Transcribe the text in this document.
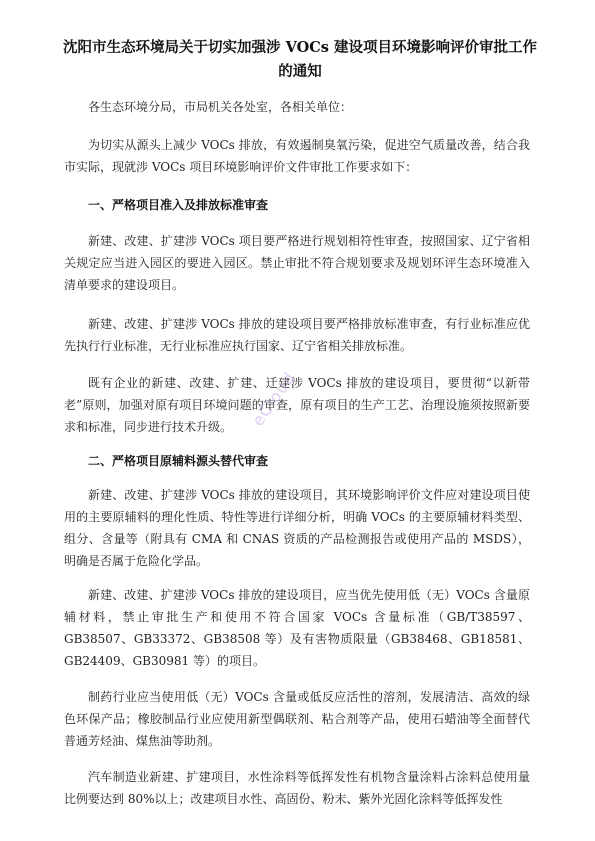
沈阳市生态环境局关于切实加强涉 VOCs 建设项目环境影响评价审批工作的通知

各生态环境分局，市局机关各处室，各相关单位：

为切实从源头上减少 VOCs 排放，有效遏制臭氧污染，促进空气质量改善，结合我市实际，现就涉 VOCs 项目环境影响评价文件审批工作要求如下：

一、严格项目准入及排放标准审查

新建、改建、扩建涉 VOCs 项目要严格进行规划相符性审查，按照国家、辽宁省相关规定应当进入园区的要进入园区。禁止审批不符合规划要求及规划环评生态环境准入清单要求的建设项目。

新建、改建、扩建涉 VOCs 排放的建设项目要严格排放标准审查，有行业标准应优先执行行业标准，无行业标准应执行国家、辽宁省相关排放标准。

既有企业的新建、改建、扩建、迁建涉 VOCs 排放的建设项目，要贯彻“以新带老”原则，加强对原有项目环境问题的审查，原有项目的生产工艺、治理设施须按照新要求和标准，同步进行技术升级。

二、严格项目原辅料源头替代审查

新建、改建、扩建涉 VOCs 排放的建设项目，其环境影响评价文件应对建设项目使用的主要原辅料的理化性质、特性等进行详细分析，明确 VOCs 的主要原辅材料类型、组分、含量等（附具有 CMA 和 CNAS 资质的产品检测报告或使用产品的 MSDS），明确是否属于危险化学品。

新建、改建、扩建涉 VOCs 排放的建设项目，应当优先使用低（无）VOCs 含量原辅材料，禁止审批生产和使用不符合国家 VOCs 含量标准（GB/T38597、GB38507、GB33372、GB38508 等）及有害物质限量（GB38468、GB18581、GB24409、GB30981 等）的项目。

制药行业应当使用低（无）VOCs 含量或低反应活性的溶剂，发展清洁、高效的绿色环保产品；橡胶制品行业应使用新型偶联剂、粘合剂等产品，使用石蜡油等全面替代普通芳烃油、煤焦油等助剂。

汽车制造业新建、扩建项目，水性涂料等低挥发性有机物含量涂料占涂料总使用量比例要达到 80%以上；改建项目水性、高固份、粉末、紫外光固化涂料等低挥发性

eCloud
